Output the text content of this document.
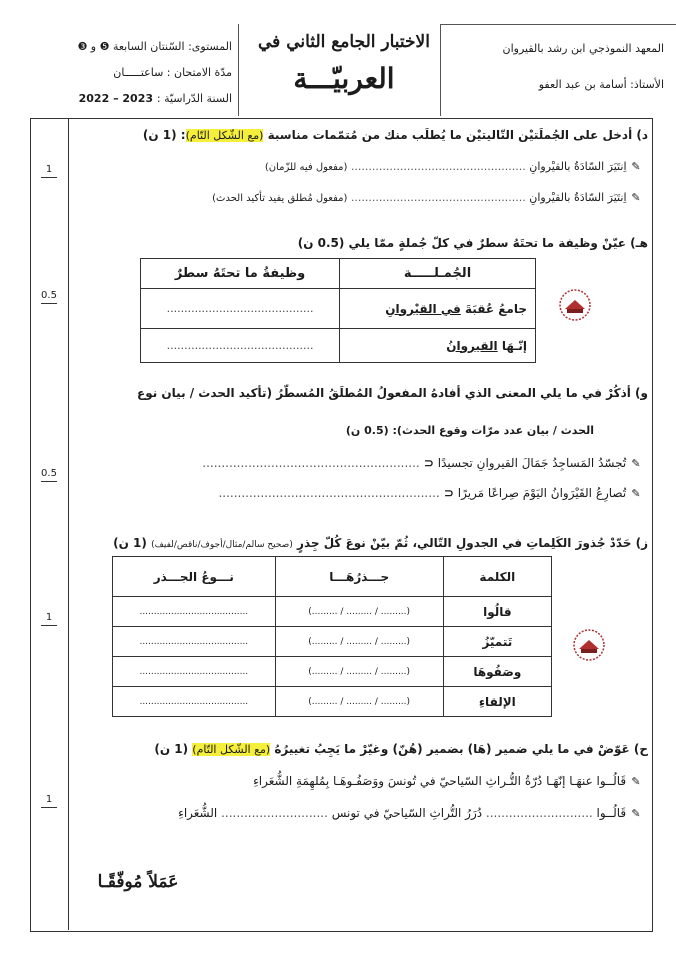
المعهد النموذجي ابن رشد بالقيروان
الأستاذ: أسامة بن عبد العفو
الاختبار الجامع الثاني في
العربيّـــة
المستوى: السّنتان السابعة ❺ و ❸
مدّة الامتحان : ساعتـــــان
السنة الدّراسيّة : 2023 – 2022
1
0.5
0.5
1
1
د) أدخل على الجُملَتيْن التّاليتيْن ما يُطلَب منك من مُتمّمات مناسبة (مع الشّكل التّام): (1 ن)
✎ اِنتَيَرَ السّادَةُ بالقيْروانِ .................................................. (مفعول فيه للزّمان)
✎ اِنتَيَرَ السّادَةُ بالقيْروانِ .................................................. (مفعول مُطلق يفيد تأكيد الحدث)
هـ) عيّنْ وظيفة ما تحتَهُ سطرٌ في كلّ جُملةٍ ممّا يلي (0.5 ن)
الجُمـلـــــة	وظيفةُ ما تحتَهُ سطرٌ
جامعُ عُقبَةَ في القيْروانِ	..........................................
إنّـهَا القيروانُ	..........................................
و) أذكُرْ في ما يلي المعنى الذي أفادهُ المفعولُ المُطلَقُ المُسطّرُ (تأكيد الحدث / بيان نوع
الحدث / بيان عدد مرّات وقوع الحدث): (0.5 ن)
✎ تُجسّدُ المَساجِدُ جَمَالَ القيروانِ تجسيدًا ⊂ .........................................................
✎ تُصارِعُ القَيْرَوانُ اليَوْمَ صِراعًا مَريرًا ⊂ ..........................................................
ز) حَدّدْ جُذورَ الكَلِماتِ في الجدولِ التّالي، ثُمّ بيّنْ نوعَ كُلّ جِذرٍ (صحيح سالم/مثال/أجوف/ناقص/لفيف) (1 ن)
الكلمة	جـــذرُهَـــا	نـــوعُ الجـــذر
قالُوا	(......... / ......... / .........)	......................................
تَتميّزُ	(......... / ......... / .........)	......................................
وصَفُوهَا	(......... / ......... / .........)	......................................
الإلقاءِ	(......... / ......... / .........)	......................................
ح) عَوّضْ في ما يلي ضمير (هَا) بضمير (هُنّ) وغيّرْ ما يَجِبُ تغييرُهُ (مع الشّكل التّام) (1 ن)
✎ قَالُــوا عنهَـا إنّهَـا دُرّةُ التُّـراثِ السّياحيّ في تُونسَ ووَصَفُـوهَـا بِمُلهِمَةِ الشُّعَراءِ
✎ قَالُــوا ............................ دُرَرُ التُّراثِ السّياحيّ في تونس ............................ الشُّعَراءِ
عَمَلاً مُوفّقًـا
